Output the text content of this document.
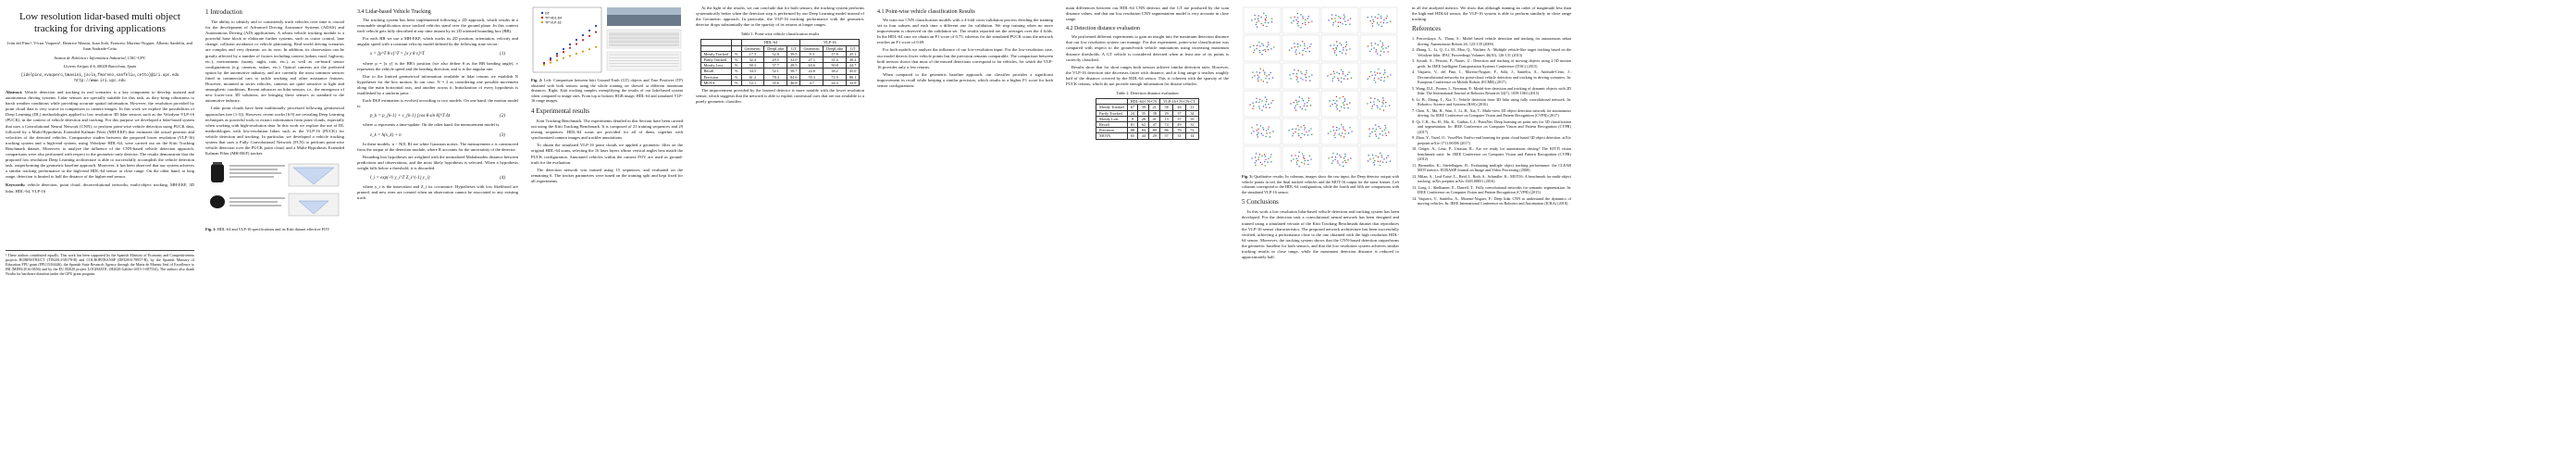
Low resolution lidar-based multi object tracking for driving applications
Iván del Pino¹, Víctor Vaquero¹, Beatrice Masini, Joan Solà, Francesc Moreno-Noguer, Alberto Sanfeliu, and Juan Andrade-Cetto
Institut de Robòtica i Informàtica Industrial, CSIC-UPC
Llorens Artigas 4-6, 08028 Barcelona, Spain
{idelpino,vvaquero,bmasini,jsola,fmoreno,sanfeliu,cetto}@iri.upc.edu
http://www.iri.upc.edu

Abstract. Vehicle detection and tracking in real scenarios is a key component to develop assisted and autonomous driving systems. Lidar sensors are specially suitable for this task, as they bring robustness to harsh weather conditions while providing accurate spatial information. However, the resolution provided by point cloud data is very scarce in comparison to camera images. In this work we explore the possibilities of Deep Learning (DL) methodologies applied to low resolution 3D lidar sensors such as the Velodyne VLP-16 (PUCK), in the context of vehicle detection and tracking. For this purpose we developed a lidar-based system that uses a Convolutional Neural Network (CNN), to perform point-wise vehicle detection using PUCK data, followed by a Multi-Hypothesis Extended Kalman Filter (MH-EKF) that estimates the actual position and velocities of the detected vehicles. Comparative studies between the proposed lower resolution (VLP-16) tracking system and a high-end system, using Velodyne HDL-64, were carried out on the Kitti Tracking Benchmark dataset. Moreover, to analyze the influence of the CNN-based vehicle detection approach, comparisons were also performed with respect to the geometric-only detector. The results demonstrate that the proposed low resolution Deep Learning architecture is able to successfully accomplish the vehicle detection task, outperforming the geometric baseline approach. Moreover, it has been observed that our system achieves a similar tracking performance to the high-end HDL-64 sensor at close range. On the other hand, at long range, detection is limited to half the distance of the higher-end sensor.

Keywords: vehicle detection, point cloud, deconvolutional networks, multi-object tracking, MH-EKF, 3D lidar, HDL-64, VLP-16

¹ These authors contributed equally. This work has been supported by the Spanish Ministry of Economy and Competitiveness projects ROBINSTRUCT (TIN2014-58178-R) and COLROBTRANSP (DPI2016-78957-R), by the Spanish Ministry of Education FPU grant (FPU15/04446), the Spanish State Research Agency through the María de Maeztu Seal of Excellence to IRI (MDM-2016-0656) and by the EU H2020 project LOGIMATIC (H2020-Galileo-2015-1-687534). The authors also thank Nvidia for hardware donation under the GPU grant program.
1 Introduction

The ability to identify and to consistently track vehicles over time is crucial for the development of Advanced Driving Assistance Systems (ADAS) and Autonomous Driving (AD) applications. A robust vehicle tracking module is a powerful base block to elaborate further systems, such as cruise control, lane change, collision avoidance or vehicle platooning. Real-world driving scenarios are complex and very dynamic on its own. In addition, its observation can be greatly affected by a number of factors including context (urban, rural, highway, etc.), environment (sunny, night, rain, etc.), as well as on-board sensor configurations (e.g. cameras, radars, etc.). Optical cameras are the preferred option by the automotive industry, and are currently the most common sensors fitted in commercial cars to tackle tracking and other assistance features. However, mounted in series vehicles, cameras are quite sensitive to light and atmospheric conditions. Recent advances on lidar sensors, i.e., the emergence of new lower-cost 3D solutions, are bringing these sensors as standard to the automotive industry.

Lidar point clouds have been traditionally processed following geometrical approaches (see [1-5]). However, recent works [6-9] are revealing Deep Learning techniques as powerful tools to extract information from point clouds, especially when working with high-resolution data. In this work we explore the use of DL methodologies with low-resolution lidars such as the VLP-16 (PUCK) for vehicle detection and tracking. In particular, we developed a vehicle tracking system that uses a Fully Convolutional Network (FCN) to perform point-wise vehicle detection over the PUCK point cloud, and a Multi-Hypothesis Extended Kalman Filter (MH-EKF) tracker.

Fig. 1: HDL-64 and VLP-16 specifications and its Kitti dataset effective FOV
3.4 Lidar-based Vehicle Tracking

The tracking system has been implemented following a 2D approach, which results in a reasonable simplification since tracked vehicles stand over the ground plane. In this context each vehicle gets fully described at any time instant by its 2D oriented bounding box (BB).

For each BB we use a MH-EKF, which tracks its 2D position, orientation, velocity and angular speed with a constant velocity model defined by the following state vector:

x = [p^T θ v]^T = [x y θ v]^T	(1)

where p = [x y] is the BB's position (we also define θ as the BB heading angle), v represents the vehicle speed and the heading direction, and w is the angular rate.

Due to the limited geometrical information available in lidar returns we establish N hypotheses for the box motion. In our case, N = 2 as considering one possible movement along the main horizontal axis, and another across it. Initialization of every hypothesis is established by a uniform prior.

Each EKF estimation is evolved according to two models. On one hand, the motion model is:

p_k = p_{k-1} + v_{k-1} [cos θ sin θ]^T Δt	(2)

where ω represents a time-update. On the other hand, the measurement model is:

z_k = h(x_k) + n	(3)

In these models, n ~ N(0, R) are white Gaussian noises. The measurement z is constructed from the output of the detection module, where R accounts for the uncertainty of the detector.

Bounding box hypotheses are weighted with the normalized Mahalanobis distance between predictions and observations, and the most likely hypothesis is selected. When a hypothesis weight falls below a threshold, it is discarded.

l_i = exp(-½ y_i^T Z_i^{-1} y_i)	(4)

where y_i is the innovation and Z_i its covariance. Hypotheses with low likelihood are pruned, and new ones are created when an observation cannot be associated to any existing track.

GT
TP HDL-64
TP VLP-16
Fig. 2: Left: Comparison between kitti Ground-Truth (GT) objects and True Positives (TP) obtained with both sensors using the whole training set showed at different maximum distances. Right: Kitti tracking samples exemplifying the results of our lidar-based system when compared to image ones. From top to bottom: RGB image, HDL-64 and simulated VLP-16 range images.
4 Experimental results

Kitti Tracking Benchmark. The experiments detailed in this Section have been carried out using the Kitti Tracking Benchmark. It is composed of 21 training sequences and 29 testing sequences. HDL-64 scans are provided for all of them, together with synchronized camera images and tracklet annotations.

To obtain the simulated VLP-16 point clouds we applied a geometric filter on the original HDL-64 scans, selecting the 16 laser layers whose vertical angles best match the PUCK configuration. Annotated vehicles within the camera FOV are used as ground-truth for the evaluation.

The detection network was trained using 15 sequences, and evaluated on the remaining 6. The tracker parameters were tuned on the training split and kept fixed for all experiments.

At the light of the results, we can conclude that for both sensors, the tracking system performs systematically better when the detection step is performed by our Deep Learning model instead of the Geometric approach. In particular, the VLP-16 tracking performance with the geometric detector drops substantially due to the sparsity of its returns at longer ranges.

Table 1. Point-wise vehicle classification results
		HDL-64			VLP-16		
		Geometric	DeepLidar	GT	Geometric	DeepLidar	GT
Mostly Tracked	%	17.3	32.8	39.5	9.3	17.8	25.1
Partly Tracked	%	32.4	29.5	32.0	27.1	31.4	30.2
Mostly Lost	%	50.3	37.7	28.5	63.6	50.8	44.7
Recall	%	34.5	52.1	58.7	22.6	38.2	45.0
Precision	%	61.2	78.4	84.6	55.3	72.9	80.1
MOTA	%	12.1	35.6	46.8	4.7	24.3	33.9

The improvement provided by the learned detector is more notable with the lower resolution sensor, which suggests that the network is able to exploit contextual cues that are not available to a purely geometric classifier.

4.1 Point-wise vehicle classification Results

We train our CNN classification models with a 4-fold cross-validation process dividing the training set in four subsets and each time a different one for validation. We stop training when no more improvement is observed on the validation set. The results reported are the averages over the 4 folds. In the HDL-64 case we obtain an F1 score of 0.75, whereas for the simulated PUCK scans the network reaches an F1 score of 0.69.

For both models we analyze the influence of our low-resolution input. For the low-resolution case, our model detects fewer vehicle points but the precision remains comparable. The comparison between both sensors shows that most of the missed detections correspond to far vehicles, for which the VLP-16 provides only a few returns.

When compared to the geometric baseline approach, our classifier provides a significant improvement in recall while keeping a similar precision, which results in a higher F1 score for both sensor configurations.

main differences between our HDL-64 CNN detector and the GT are produced by the scan distance values, and that our low resolution CNN segmentation model is very accurate in close range.

4.2 Detection distance evaluation

We performed different experiments to gain an insight into the maximum detection distance that our low resolution system can manage. For this experiment, point-wise classification was compared with respect to the ground-truth vehicle annotations using increasing maximum distance thresholds. A GT vehicle is considered detected when at least one of its points is correctly classified.

Results show that for short ranges both sensors achieve similar detection rates. However, the VLP-16 detection rate decreases faster with distance, and at long range it reaches roughly half of the distance covered by the HDL-64 sensor. This is coherent with the sparsity of the PUCK returns, which do not provide enough information for distant vehicles.

Table 2. Detection distance evaluation
	HDL-64-CN-CN			VLP-16-CN-CN-CT		
Mostly Tracked	67	39	21	58	26	11
Partly Tracked	24	35	38	29	37	34
Mostly Lost	9	26	41	13	37	55
Recall	81	62	47	74	49	31
Precision	88	84	80	86	79	72
MOTA	65	44	29	57	31	14
Fig. 3: Qualitative results. In columns, images show the raw input, the Deep detector output with vehicle points in red, the final tracked vehicles and the MOT-16 output for the same frames. Left columns correspond to the HDL-64 configuration, while the fourth and fifth are comparisons with the simulated VLP-16 sensor.
5 Conclusions

In this work a low resolution lidar-based vehicle detection and tracking system has been developed. For the detection task a convolutional neural network has been designed and trained using a simulated version of the Kitti Tracking Benchmark dataset that reproduces the VLP-16 sensor characteristics. The proposed network architecture has been successfully verified, achieving a performance close to the one obtained with the high resolution HDL-64 sensor. Moreover, the tracking system shows that the CNN-based detection outperforms the geometric baseline for both sensors, and that the low resolution system achieves similar tracking results in close range, while the maximum detection distance is reduced to approximately half.

in all the analyzed metrics. We show that although running an order of magnitude less than the high-end HDL64 sensor, the VLP-16 system is able to perform similarly in close range tracking.

References

1. Petrovskaya, A., Thrun, S.: Model based vehicle detection and tracking for autonomous urban driving. Autonomous Robots 26, 123-139 (2009)

2. Zhang, L., Li, Q., Li, M., Mao, Q., Nüchter, A.: Multiple vehicle-like target tracking based on the Velodyne lidar. IFAC Proceedings Volumes 46(10), 126-131 (2013)

3. Asvadi, A., Peixoto, P., Nunes, U.: Detection and tracking of moving objects using 2.5D motion grids. In: IEEE Intelligent Transportation Systems Conference (ITSC) (2015)

4. Vaquero, V., del Pino, I., Moreno-Noguer, F., Solà, J., Sanfeliu, A., Andrade-Cetto, J.: Deconvolutional networks for point-cloud vehicle detection and tracking in driving scenarios. In: European Conference on Mobile Robots (ECMR) (2017)

5. Wang, D.Z., Posner, I., Newman, P.: Model-free detection and tracking of dynamic objects with 2D lidar. The International Journal of Robotics Research 34(7), 1039-1063 (2015)

6. Li, B., Zhang, T., Xia, T.: Vehicle detection from 3D lidar using fully convolutional network. In: Robotics: Science and Systems (RSS) (2016)

7. Chen, X., Ma, H., Wan, J., Li, B., Xia, T.: Multi-view 3D object detection network for autonomous driving. In: IEEE Conference on Computer Vision and Pattern Recognition (CVPR) (2017)

8. Qi, C.R., Su, H., Mo, K., Guibas, L.J.: PointNet: Deep learning on point sets for 3D classification and segmentation. In: IEEE Conference on Computer Vision and Pattern Recognition (CVPR) (2017)

9. Zhou, Y., Tuzel, O.: VoxelNet: End-to-end learning for point cloud based 3D object detection. arXiv preprint arXiv:1711.06396 (2017)

10. Geiger, A., Lenz, P., Urtasun, R.: Are we ready for autonomous driving? The KITTI vision benchmark suite. In: IEEE Conference on Computer Vision and Pattern Recognition (CVPR) (2012)

11. Bernardin, K., Stiefelhagen, R.: Evaluating multiple object tracking performance: the CLEAR MOT metrics. EURASIP Journal on Image and Video Processing (2008)

12. Milan, A., Leal-Taixé, L., Reid, I., Roth, S., Schindler, K.: MOT16: A benchmark for multi-object tracking. arXiv preprint arXiv:1603.00831 (2016)

13. Long, J., Shelhamer, E., Darrell, T.: Fully convolutional networks for semantic segmentation. In: IEEE Conference on Computer Vision and Pattern Recognition (CVPR) (2015)

14. Vaquero, V., Sanfeliu, A., Moreno-Noguer, F.: Deep lidar CNN to understand the dynamics of moving vehicles. In: IEEE International Conference on Robotics and Automation (ICRA) (2018)
